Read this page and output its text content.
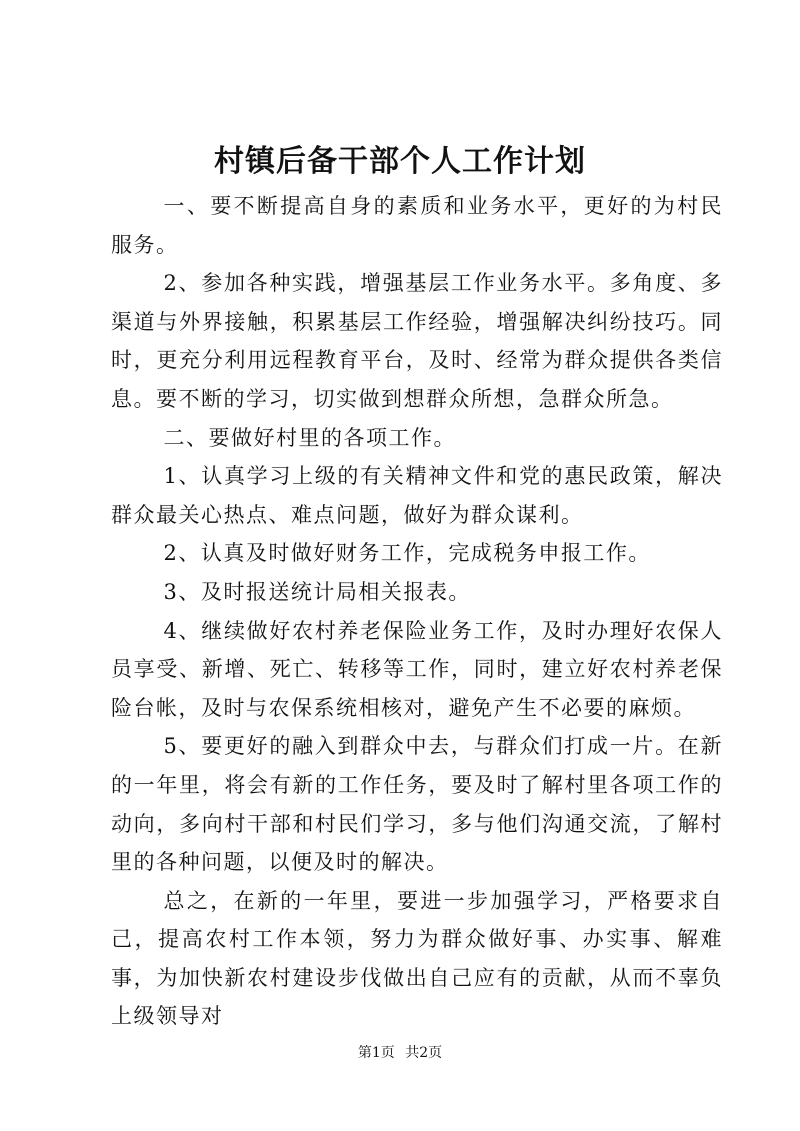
村镇后备干部个人工作计划

一、要不断提高自身的素质和业务水平，更好的为村民服务。

2、参加各种实践，增强基层工作业务水平。多角度、多渠道与外界接触，积累基层工作经验，增强解决纠纷技巧。同时，更充分利用远程教育平台，及时、经常为群众提供各类信息。要不断的学习，切实做到想群众所想，急群众所急。

二、要做好村里的各项工作。

1、认真学习上级的有关精神文件和党的惠民政策，解决群众最关心热点、难点问题，做好为群众谋利。

2、认真及时做好财务工作，完成税务申报工作。

3、及时报送统计局相关报表。

4、继续做好农村养老保险业务工作，及时办理好农保人员享受、新增、死亡、转移等工作，同时，建立好农村养老保险台帐，及时与农保系统相核对，避免产生不必要的麻烦。

5、要更好的融入到群众中去，与群众们打成一片。在新的一年里，将会有新的工作任务，要及时了解村里各项工作的动向，多向村干部和村民们学习，多与他们沟通交流，了解村里的各种问题，以便及时的解决。

总之，在新的一年里，要进一步加强学习，严格要求自己，提高农村工作本领，努力为群众做好事、办实事、解难事，为加快新农村建设步伐做出自己应有的贡献，从而不辜负上级领导对

第1页 共2页
